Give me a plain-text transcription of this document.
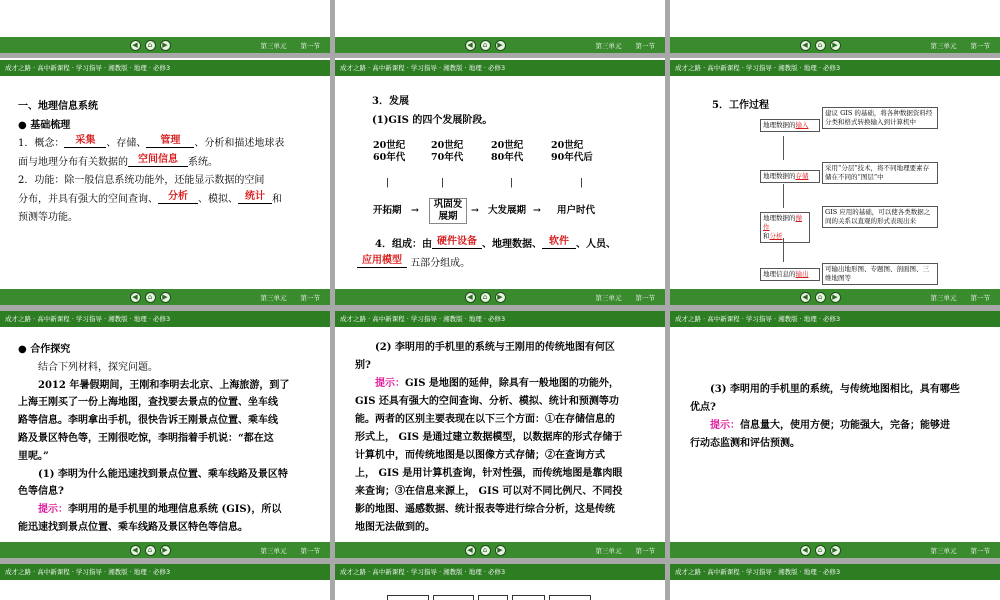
◀	⌂	▶	第三单元 第一节	◀	⌂	▶	第三单元 第一节	◀	⌂	▶	第三单元 第一节
成才之路 · 高中新课程 · 学习指导 · 湘教版 · 地理 · 必修3

一、地理信息系统

● 基础梳理

1．概念： 采集 、存储、 管理 、分析和描述地球表

面与地理分布有关数据的 空间信息 系统。

2．功能：除一般信息系统功能外，还能显示数据的空间

分布，并具有强大的空间查询、 分析 、模拟、 统计 和

预测等功能。

◀	⌂	▶	第三单元 第一节
成才之路 · 高中新课程 · 学习指导 · 湘教版 · 地理 · 必修3

3．发展

(1)GIS 的四个发展阶段。

20世纪
60年代
20世纪
70年代
20世纪
80年代
20世纪
90年代后
|	|	|	|
开拓期 →
巩固发
展期
→ 大发展期 → 用户时代

4．组成：由 硬件设备 、地理数据、 软件 、人员、

应用模型 五部分组成。

◀	⌂	▶	第三单元 第一节
成才之路 · 高中新课程 · 学习指导 · 湘教版 · 地理 · 必修3

5．工作过程

地理数据的输入
建议 GIS 的基础，将各种数据资料经分类和格式转换输入到计算机中
地理数据的存储
采用“分层”技术，将不同地理要素存储在不同的“图层”中
地理数据的操作
和分析
GIS 应用的基础，可以使各类数据之间的关系以直观的形式表现出来
地理信息的输出
可输出地形图、专题图、剖面图、三维地图等
◀	⌂	▶	第三单元 第一节
成才之路 · 高中新课程 · 学习指导 · 湘教版 · 地理 · 必修3

● 合作探究

结合下列材料，探究问题。

2012 年暑假期间，王刚和李明去北京、上海旅游，到了

上海王刚买了一份上海地图，查找要去景点的位置、坐车线

路等信息。李明拿出手机，很快告诉王刚景点位置、乘车线

路及景区特色等，王刚很吃惊，李明指着手机说：“都在这

里呢。”

(1) 李明为什么能迅速找到景点位置、乘车线路及景区特

色等信息?

提示：李明用的是手机里的地理信息系统 (GIS)，所以

能迅速找到景点位置、乘车线路及景区特色等信息。

◀	⌂	▶	第三单元 第一节
成才之路 · 高中新课程 · 学习指导 · 湘教版 · 地理 · 必修3

(2) 李明用的手机里的系统与王刚用的传统地图有何区

别?

提示：GIS 是地图的延伸，除具有一般地图的功能外，

GIS 还具有强大的空间查询、分析、模拟、统计和预测等功

能。两者的区别主要表现在以下三个方面：①在存储信息的

形式上， GIS 是通过建立数据模型，以数据库的形式存储于

计算机中，而传统地图是以图像方式存储；②在查询方式

上， GIS 是用计算机查询，针对性强，而传统地图是靠肉眼

来查询；③在信息来源上， GIS 可以对不同比例尺、不同投

影的地图、遥感数据、统计报表等进行综合分析，这是传统

地图无法做到的。

◀	⌂	▶	第三单元 第一节
成才之路 · 高中新课程 · 学习指导 · 湘教版 · 地理 · 必修3

(3) 李明用的手机里的系统，与传统地图相比，具有哪些

优点?

提示：信息量大，使用方便；功能强大，完备；能够进

行动态监测和评估预测。

◀	⌂	▶	第三单元 第一节
成才之路 · 高中新课程 · 学习指导 · 湘教版 · 地理 · 必修3	成才之路 · 高中新课程 · 学习指导 · 湘教版 · 地理 · 必修3	成才之路 · 高中新课程 · 学习指导 · 湘教版 · 地理 · 必修3
